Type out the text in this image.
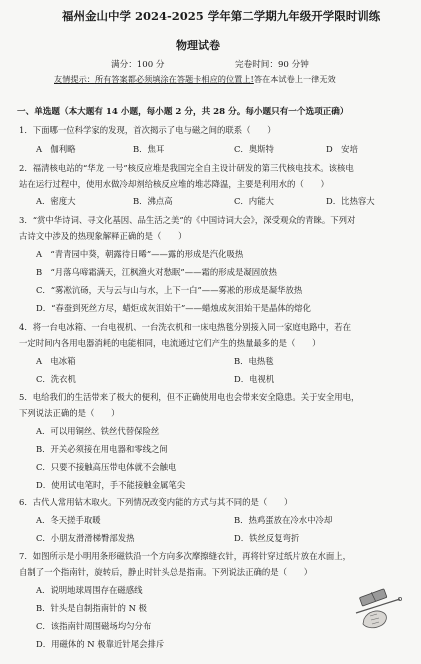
福州金山中学 2024-2025 学年第二学期九年级开学限时训练
物理试卷
满分：100 分	完卷时间：90 分钟
友情提示：所有答案都必须填涂在答题卡相应的位置上!答在本试卷上一律无效
一、单选题（本大题有 14 小题，每小题 2 分，共 28 分。每小题只有一个选项正确）
1．下面哪一位科学家的发现，首次揭示了电与磁之间的联系（　　）
A　伽利略	B．焦耳	C．奥斯特	D　安培
2．福清核电站的“华龙 一号”核反应堆是我国完全自主设计研发的第三代核电技术。该核电
站在运行过程中，使用水做冷却剂给核反应堆的堆芯降温，主要是利用水的（　　）
A．密度大	B．沸点高	C．内能大	D．比热容大
3．“赏中华诗词、寻文化基因、品生活之美”的《中国诗词大会》，深受观众的青睐。下列对
古诗文中涉及的热现象解释正确的是（　　）
A　“青青园中葵，朝露待日晞”——露的形成是汽化吸热
B　“月落乌啼霜满天，江枫渔火对愁眠”——霜的形成是凝固放热
C．“雾凇沆砀，天与云与山与水，上下一白”——雾凇的形成是凝华放热
D．“春蚕到死丝方尽，蜡炬成灰泪始干”——蜡烛成灰泪始干是晶体的熔化
4．将一台电冰箱、一台电视机、一台洗衣机和一床电热毯分别接入同一家庭电路中，若在
一定时间内各用电器消耗的电能相同，电流通过它们产生的热量最多的是（　　）
A　电冰箱	B．电热毯
C．洗衣机	D．电视机
5．电给我们的生活带来了极大的便利，但不正确使用电也会带来安全隐患。关于安全用电，
下列说法正确的是（　　）
A．可以用铜丝、铁丝代替保险丝
B．开关必须接在用电器和零线之间
C．只要不接触高压带电体就不会触电
D．使用试电笔时，手不能接触金属笔尖
6．古代人常用钻木取火。下列情况改变内能的方式与其不同的是（　　）
A．冬天搓手取暖	B．热鸡蛋放在冷水中冷却
C．小朋友滑滑梯臀部发热	D．铁丝反复弯折
7．如图所示是小明用条形磁铁沿一个方向多次摩擦缝衣针，再将针穿过纸片放在水面上，
自制了一个指南针，旋转后，静止时针头总是指南。下列说法正确的是（　　）
A．说明地球周围存在磁感线
B．针头是自制指南针的 N 极
C．该指南针周围磁场均匀分布
D．用磁体的 N 极靠近针尾会排斥
